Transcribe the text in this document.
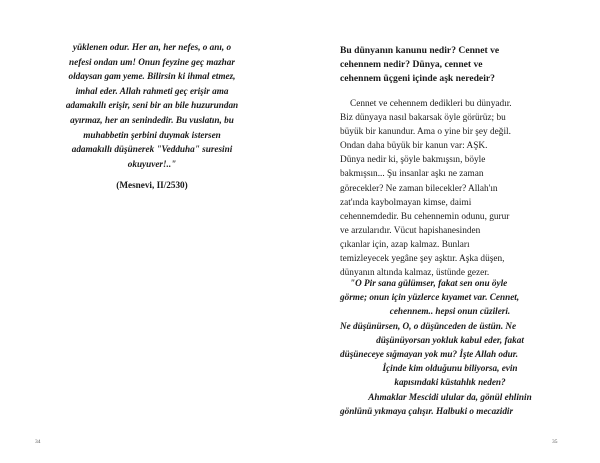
yüklenen odur. Her an, her nefes, o anı, o
nefesi ondan um! Onun feyzine geç mazhar
oldaysan gam yeme. Bilirsin ki ihmal etmez,
imhal eder. Allah rahmeti geç erişir ama
adamakıllı erişir, seni bir an bile huzurundan
ayırmaz, her an senindedir. Bu vuslatın, bu
muhabbetin şerbini duymak istersen
adamakıllı düşünerek "Vedduha" suresini
okuyuver!.."
(Mesnevi, II/2530)
Bu dünyanın kanunu nedir? Cennet ve
cehennem nedir? Dünya, cennet ve
cehennem üçgeni içinde aşk neredeir?
Cennet ve cehennem dedikleri bu dünyadır.
Biz dünyaya nasıl bakarsak öyle görürüz; bu
büyük bir kanundur. Ama o yine bir şey değil.
Ondan daha büyük bir kanun var: AŞK.
Dünya nedir ki, şöyle bakmışsın, böyle
bakmışsın... Şu insanlar aşkı ne zaman
görecekler? Ne zaman bilecekler? Allah'ın
zat'ında kaybolmayan kimse, daimi
cehennemdedir. Bu cehennemin odunu, gurur
ve arzularıdır. Vücut hapishanesinden
çıkanlar için, azap kalmaz. Bunları
temizleyecek yegâne şey aşktır. Aşka düşen,
dünyanın altında kalmaz, üstünde gezer.
"O Pir sana gülümser, fakat sen onu öyle
görme; onun için yüzlerce kıyamet var. Cennet,
cehennem.. hepsi onun cüzileri.
Ne düşünürsen, O, o düşünceden de üstün. Ne
düşünüyorsan yokluk kabul eder, fakat
düşüneceye sığmayan yok mu? İşte Allah odur.
İçinde kim olduğunu biliyorsa, evin
kapısındaki küstahlık neden?
Ahmaklar Mescidi ulular da, gönül ehlinin
gönlünü yıkmaya çalışır. Halbuki o mecazidir
34	35
